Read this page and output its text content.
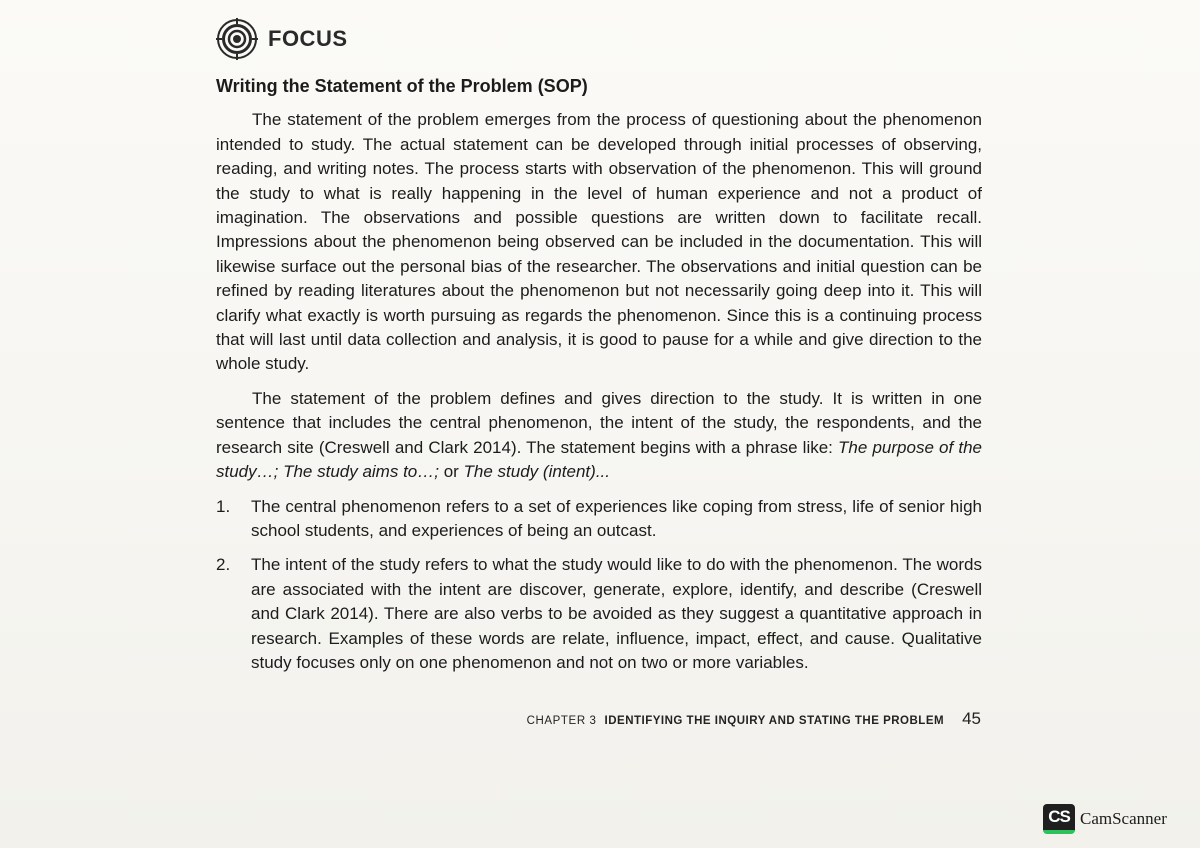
FOCUS
Writing the Statement of the Problem (SOP)

The statement of the problem emerges from the process of questioning about the phenomenon intended to study. The actual statement can be developed through initial processes of observing, reading, and writing notes. The process starts with observation of the phenomenon. This will ground the study to what is really happening in the level of human experience and not a product of imagination. The observations and possible questions are written down to facilitate recall. Impressions about the phenomenon being observed can be included in the documentation. This will likewise surface out the personal bias of the researcher. The observations and initial question can be refined by reading literatures about the phenomenon but not necessarily going deep into it. This will clarify what exactly is worth pursuing as regards the phenomenon. Since this is a continuing process that will last until data collection and analysis, it is good to pause for a while and give direction to the whole study.

The statement of the problem defines and gives direction to the study. It is written in one sentence that includes the central phenomenon, the intent of the study, the respondents, and the research site (Creswell and Clark 2014). The statement begins with a phrase like: The purpose of the study…; The study aims to…; or The study (intent)...

1. The central phenomenon refers to a set of experiences like coping from stress, life of senior high school students, and experiences of being an outcast.
2. The intent of the study refers to what the study would like to do with the phenomenon. The words are associated with the intent are discover, generate, explore, identify, and describe (Creswell and Clark 2014). There are also verbs to be avoided as they suggest a quantitative approach in research. Examples of these words are relate, influence, impact, effect, and cause. Qualitative study focuses only on one phenomenon and not on two or more variables.
CHAPTER 3 IDENTIFYING THE INQUIRY AND STATING THE PROBLEM 45
CS CamScanner
